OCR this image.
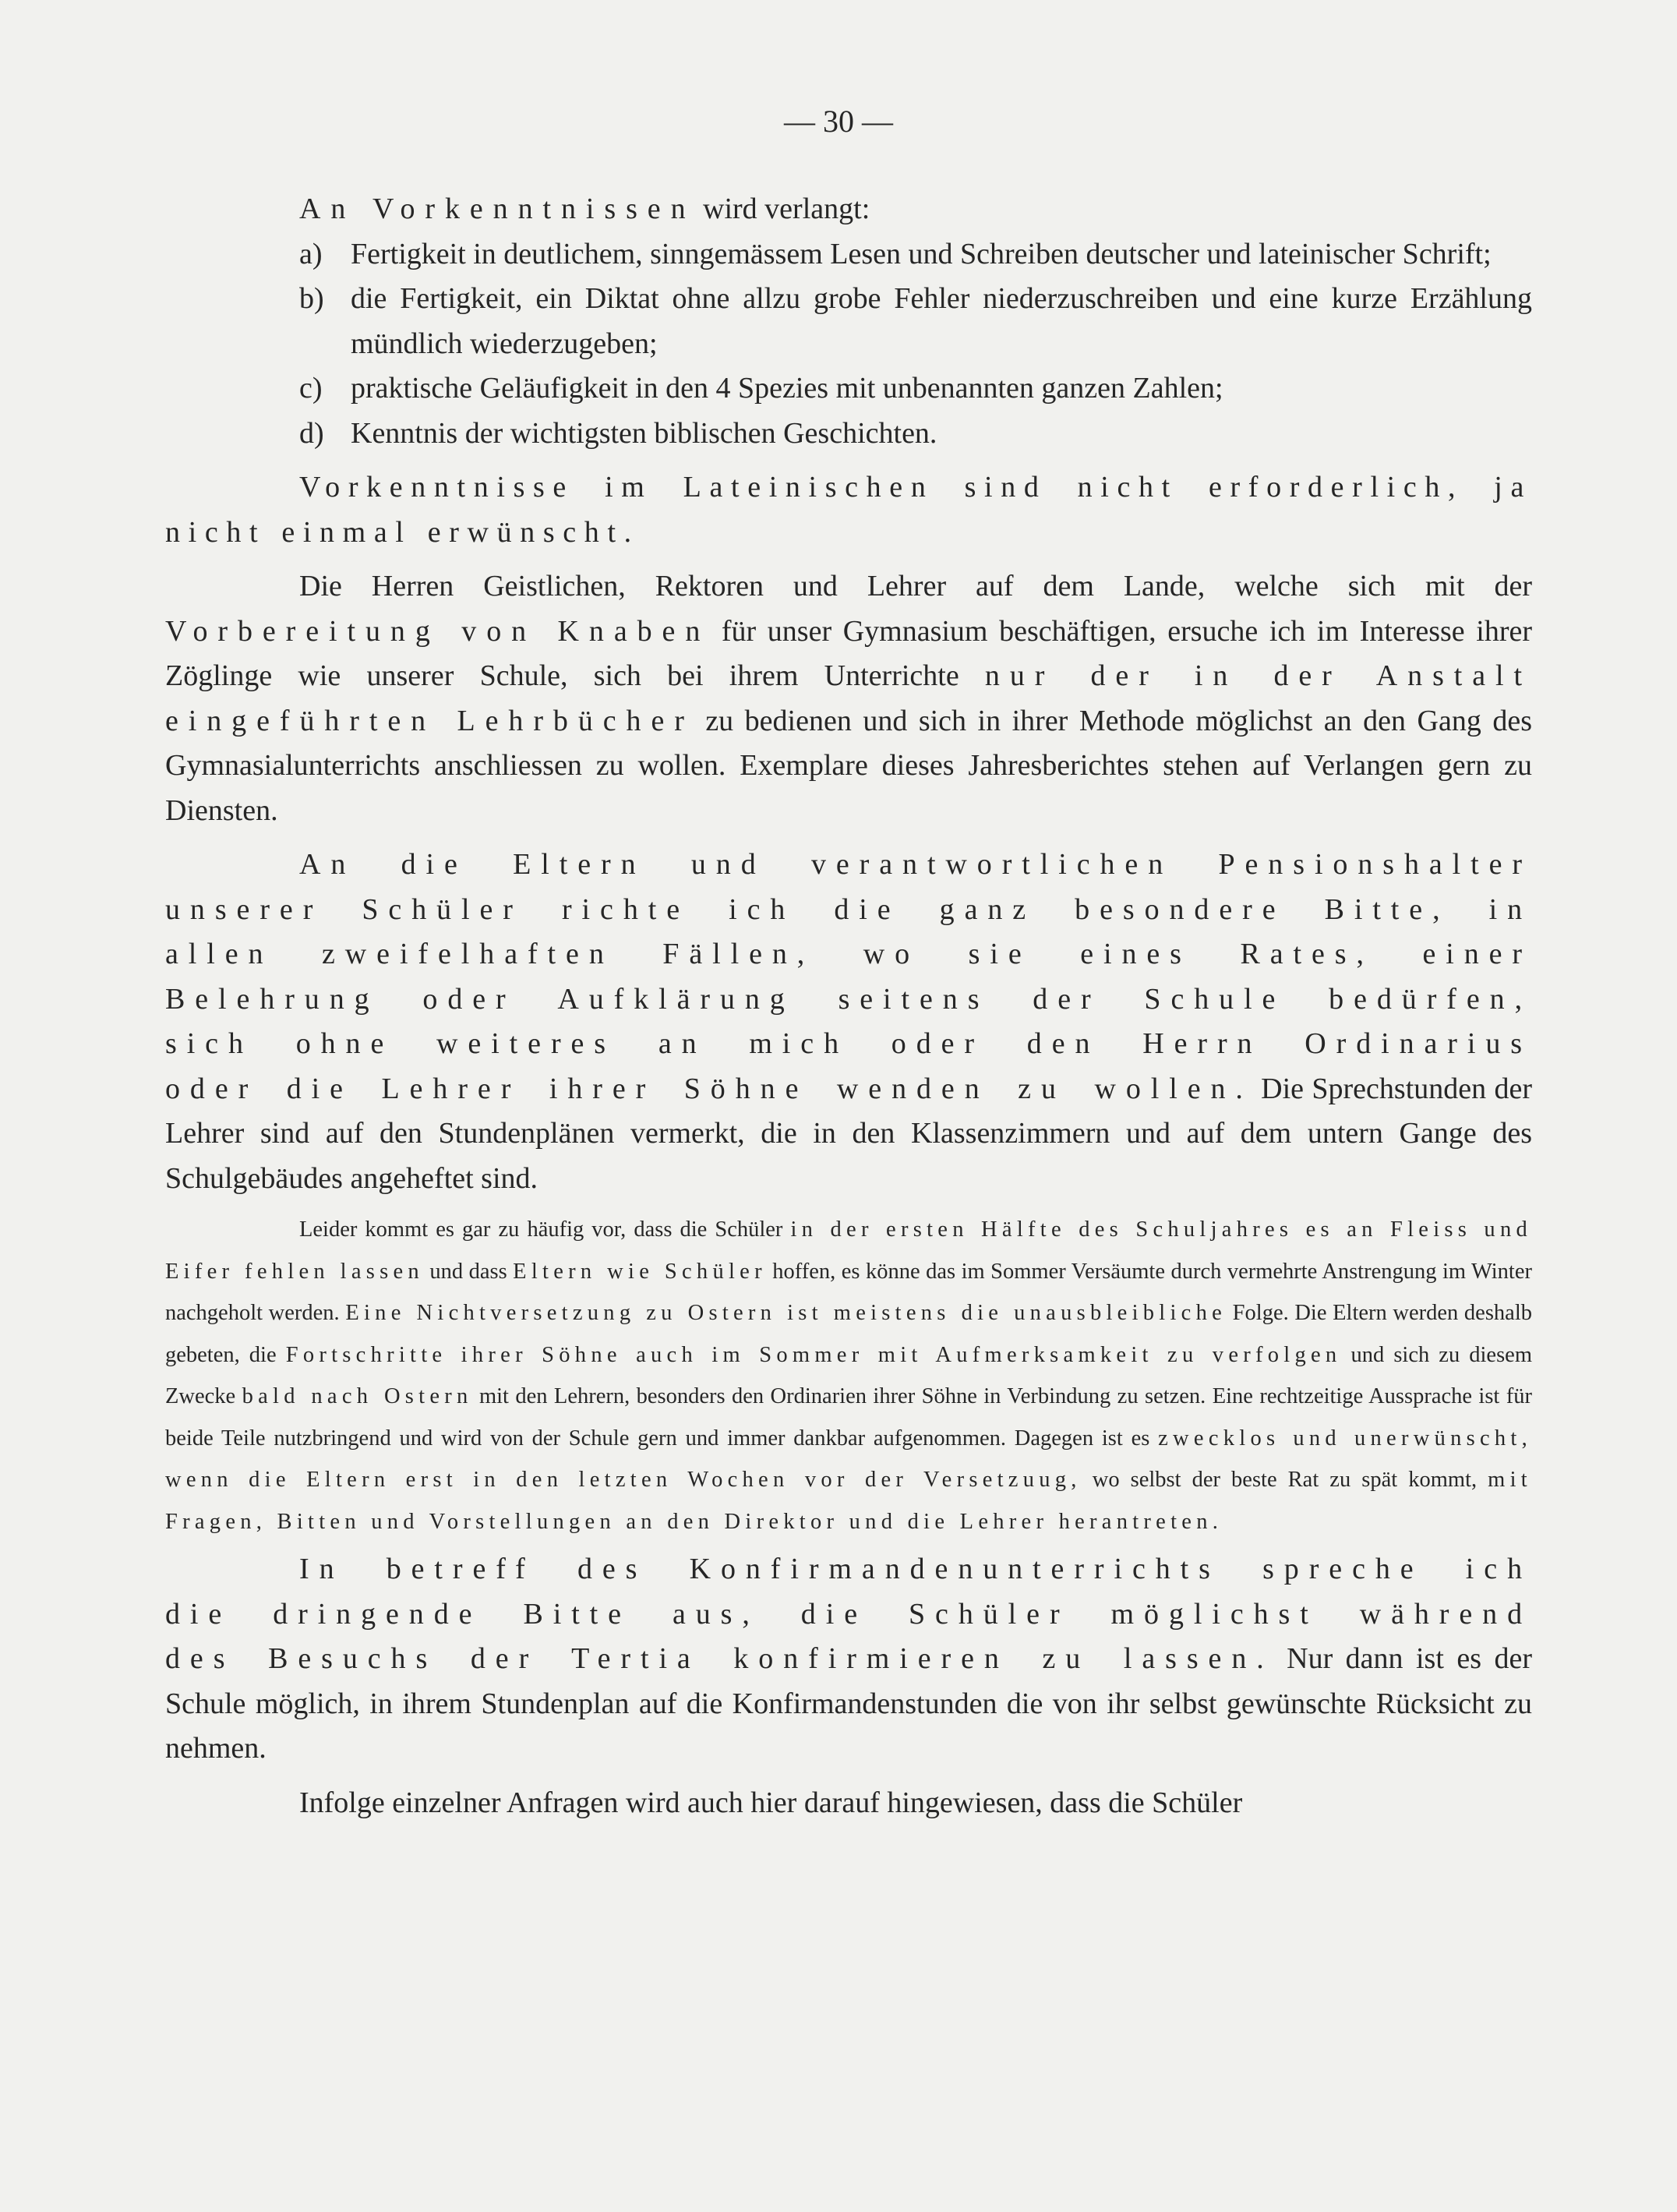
— 30 —

An Vorkenntnissen wird verlangt:

a) Fertigkeit in deutlichem, sinngemässem Lesen und Schreiben deutscher und lateinischer Schrift;
b) die Fertigkeit, ein Diktat ohne allzu grobe Fehler niederzuschreiben und eine kurze Erzählung mündlich wiederzugeben;
c) praktische Geläufigkeit in den 4 Spezies mit unbenannten ganzen Zahlen;
d) Kenntnis der wichtigsten biblischen Geschichten.

Vorkenntnisse im Lateinischen sind nicht erforderlich, ja nicht einmal erwünscht.

Die Herren Geistlichen, Rektoren und Lehrer auf dem Lande, welche sich mit der Vorbereitung von Knaben für unser Gymnasium beschäftigen, ersuche ich im Interesse ihrer Zöglinge wie unserer Schule, sich bei ihrem Unterrichte nur der in der Anstalt eingeführten Lehrbücher zu bedienen und sich in ihrer Methode möglichst an den Gang des Gymnasialunterrichts anschliessen zu wollen. Exemplare dieses Jahresberichtes stehen auf Verlangen gern zu Diensten.

An die Eltern und verantwortlichen Pensionshalter unserer Schüler richte ich die ganz besondere Bitte, in allen zweifelhaften Fällen, wo sie eines Rates, einer Belehrung oder Aufklärung seitens der Schule bedürfen, sich ohne weiteres an mich oder den Herrn Ordinarius oder die Lehrer ihrer Söhne wenden zu wollen. Die Sprechstunden der Lehrer sind auf den Stundenplänen vermerkt, die in den Klassenzimmern und auf dem untern Gange des Schulgebäudes angeheftet sind.

Leider kommt es gar zu häufig vor, dass die Schüler in der ersten Hälfte des Schuljahres es an Fleiss und Eifer fehlen lassen und dass Eltern wie Schüler hoffen, es könne das im Sommer Versäumte durch vermehrte Anstrengung im Winter nachgeholt werden. Eine Nichtversetzung zu Ostern ist meistens die unausbleibliche Folge. Die Eltern werden deshalb gebeten, die Fortschritte ihrer Söhne auch im Sommer mit Aufmerksamkeit zu verfolgen und sich zu diesem Zwecke bald nach Ostern mit den Lehrern, besonders den Ordinarien ihrer Söhne in Verbindung zu setzen. Eine rechtzeitige Aussprache ist für beide Teile nutzbringend und wird von der Schule gern und immer dankbar aufgenommen. Dagegen ist es zwecklos und unerwünscht, wenn die Eltern erst in den letzten Wochen vor der Versetzuug, wo selbst der beste Rat zu spät kommt, mit Fragen, Bitten und Vorstellungen an den Direktor und die Lehrer herantreten.

In betreff des Konfirmandenunterrichts spreche ich die dringende Bitte aus, die Schüler möglichst während des Besuchs der Tertia konfirmieren zu lassen. Nur dann ist es der Schule möglich, in ihrem Stundenplan auf die Konfirmandenstunden die von ihr selbst gewünschte Rücksicht zu nehmen.

Infolge einzelner Anfragen wird auch hier darauf hingewiesen, dass die Schüler
